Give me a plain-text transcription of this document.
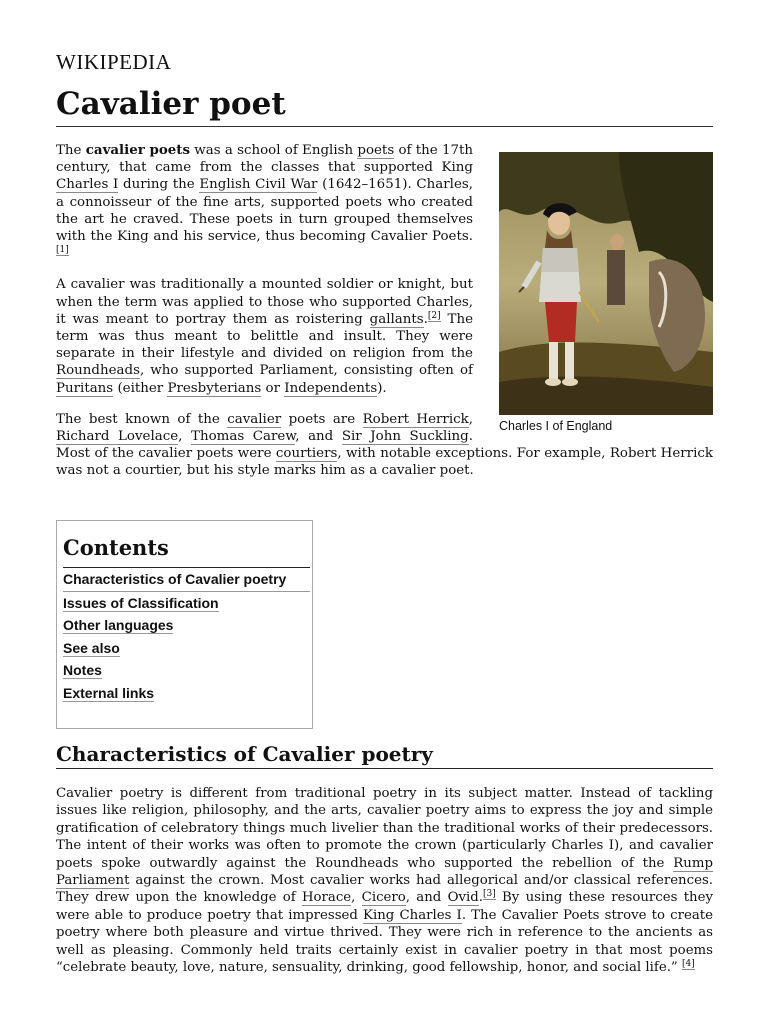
WIKIPEDIA
Cavalier poet
Charles I of England

The cavalier poets was a school of English poets of the 17th century, that came from the classes that supported King Charles I during the English Civil War (1642–1651). Charles, a connoisseur of the fine arts, supported poets who created the art he craved. These poets in turn grouped themselves with the King and his service, thus becoming Cavalier Poets.[1]

A cavalier was traditionally a mounted soldier or knight, but when the term was applied to those who supported Charles, it was meant to portray them as roistering gallants.[2] The term was thus meant to belittle and insult. They were separate in their lifestyle and divided on religion from the Roundheads, who supported Parliament, consisting often of Puritans (either Presbyterians or Independents).

The best known of the cavalier poets are Robert Herrick, Richard Lovelace, Thomas Carew, and Sir John Suckling. Most of the cavalier poets were courtiers, with notable exceptions. For example, Robert Herrick was not a courtier, but his style marks him as a cavalier poet.

Contents
Characteristics of Cavalier poetry
Issues of Classification
Other languages
See also
Notes
External links
Characteristics of Cavalier poetry

Cavalier poetry is different from traditional poetry in its subject matter. Instead of tackling issues like religion, philosophy, and the arts, cavalier poetry aims to express the joy and simple gratification of celebratory things much livelier than the traditional works of their predecessors. The intent of their works was often to promote the crown (particularly Charles I), and cavalier poets spoke outwardly against the Roundheads who supported the rebellion of the Rump Parliament against the crown. Most cavalier works had allegorical and/or classical references. They drew upon the knowledge of Horace, Cicero, and Ovid.[3] By using these resources they were able to produce poetry that impressed King Charles I. The Cavalier Poets strove to create poetry where both pleasure and virtue thrived. They were rich in reference to the ancients as well as pleasing. Commonly held traits certainly exist in cavalier poetry in that most poems “celebrate beauty, love, nature, sensuality, drinking, good fellowship, honor, and social life.” [4]
